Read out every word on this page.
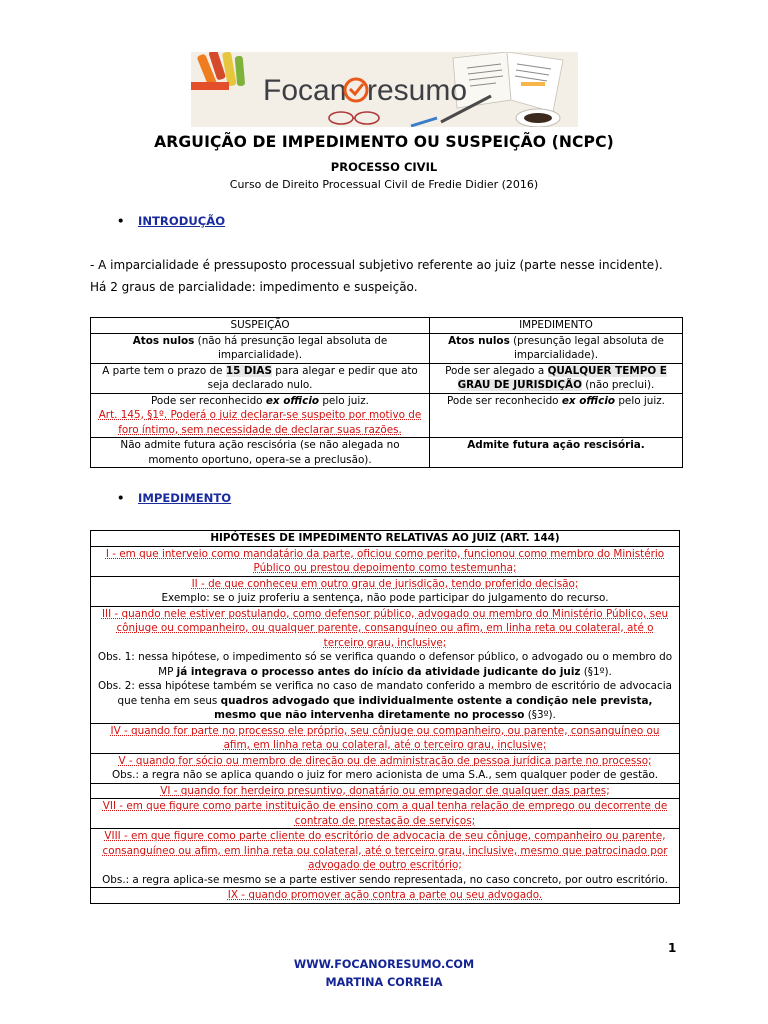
Focan resumo
ARGUIÇÃO DE IMPEDIMENTO OU SUSPEIÇÃO (NCPC)
PROCESSO CIVIL
Curso de Direito Processual Civil de Fredie Didier (2016)
• INTRODUÇÃO
- A imparcialidade é pressuposto processual subjetivo referente ao juiz (parte nesse incidente). Há 2 graus de parcialidade: impedimento e suspeição.
SUSPEIÇÃO	IMPEDIMENTO
Atos nulos (não há presunção legal absoluta de imparcialidade).	Atos nulos (presunção legal absoluta de imparcialidade).
A parte tem o prazo de 15 DIAS para alegar e pedir que ato seja declarado nulo.	Pode ser alegado a QUALQUER TEMPO E GRAU DE JURISDIÇÃO (não preclui).
Pode ser reconhecido ex officio pelo juiz.
Art. 145, §1º. Poderá o juiz declarar-se suspeito por motivo de foro íntimo, sem necessidade de declarar suas razões.	Pode ser reconhecido ex officio pelo juiz.
Não admite futura ação rescisória (se não alegada no momento oportuno, opera-se a preclusão).	Admite futura ação rescisória.
• IMPEDIMENTO
HIPÓTESES DE IMPEDIMENTO RELATIVAS AO JUIZ (ART. 144)
I - em que interveio como mandatário da parte, oficiou como perito, funcionou como membro do Ministério Público ou prestou depoimento como testemunha;
II - de que conheceu em outro grau de jurisdição, tendo proferido decisão;
Exemplo: se o juiz proferiu a sentença, não pode participar do julgamento do recurso.
III - quando nele estiver postulando, como defensor público, advogado ou membro do Ministério Público, seu cônjuge ou companheiro, ou qualquer parente, consanguíneo ou afim, em linha reta ou colateral, até o terceiro grau, inclusive;
Obs. 1: nessa hipótese, o impedimento só se verifica quando o defensor público, o advogado ou o membro do MP já integrava o processo antes do início da atividade judicante do juiz (§1º).
Obs. 2: essa hipótese também se verifica no caso de mandato conferido a membro de escritório de advocacia que tenha em seus quadros advogado que individualmente ostente a condição nele prevista, mesmo que não intervenha diretamente no processo (§3º).
IV - quando for parte no processo ele próprio, seu cônjuge ou companheiro, ou parente, consanguíneo ou afim, em linha reta ou colateral, até o terceiro grau, inclusive;
V - quando for sócio ou membro de direção ou de administração de pessoa jurídica parte no processo;
Obs.: a regra não se aplica quando o juiz for mero acionista de uma S.A., sem qualquer poder de gestão.
VI - quando for herdeiro presuntivo, donatário ou empregador de qualquer das partes;
VII - em que figure como parte instituição de ensino com a qual tenha relação de emprego ou decorrente de contrato de prestação de serviços;
VIII - em que figure como parte cliente do escritório de advocacia de seu cônjuge, companheiro ou parente, consanguíneo ou afim, em linha reta ou colateral, até o terceiro grau, inclusive, mesmo que patrocinado por advogado de outro escritório;
Obs.: a regra aplica-se mesmo se a parte estiver sendo representada, no caso concreto, por outro escritório.
IX - quando promover ação contra a parte ou seu advogado.
1
WWW.FOCANORESUMO.COM
MARTINA CORREIA
